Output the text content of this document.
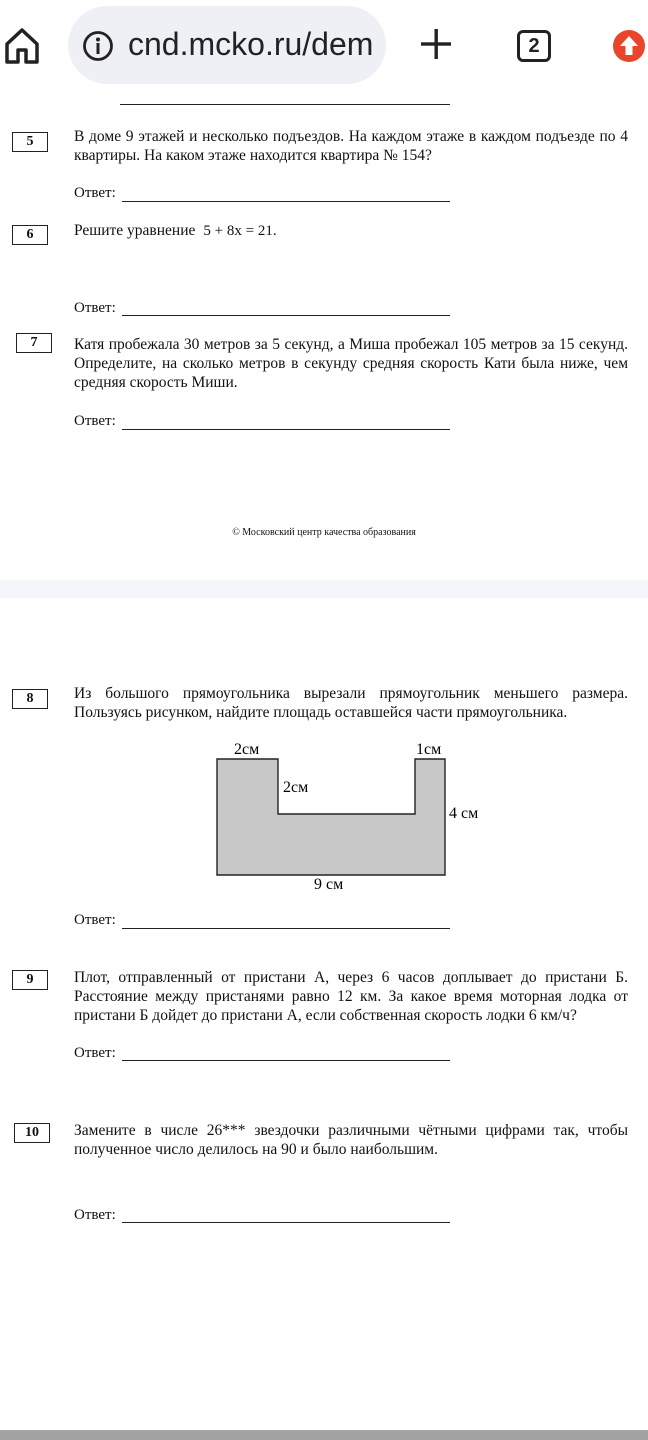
cnd.mcko.ru/dem	2
5	В доме 9 этажей и несколько подъездов. На каждом этаже в каждом подъезде по 4 квартиры. На каком этаже находится квартира № 154?
Ответ:
6	Решите уравнение 5 + 8x = 21.
Ответ:
7	Катя пробежала 30 метров за 5 секунд, а Миша пробежал 105 метров за 15 секунд. Определите, на сколько метров в секунду средняя скорость Кати была ниже, чем средняя скорость Миши.
Ответ:
© Московский центр качества образования
8	Из большого прямоугольника вырезали прямоугольник меньшего размера. Пользуясь рисунком, найдите площадь оставшейся части прямоугольника.
2см	1см
2см
4 см
9 см
Ответ:
9	Плот, отправленный от пристани А, через 6 часов доплывает до пристани Б. Расстояние между пристанями равно 12 км. За какое время моторная лодка от пристани Б дойдет до пристани А, если собственная скорость лодки 6 км/ч?
Ответ:
10	Замените в числе 26*** звездочки различными чётными цифрами так, чтобы полученное число делилось на 90 и было наибольшим.
Ответ:
